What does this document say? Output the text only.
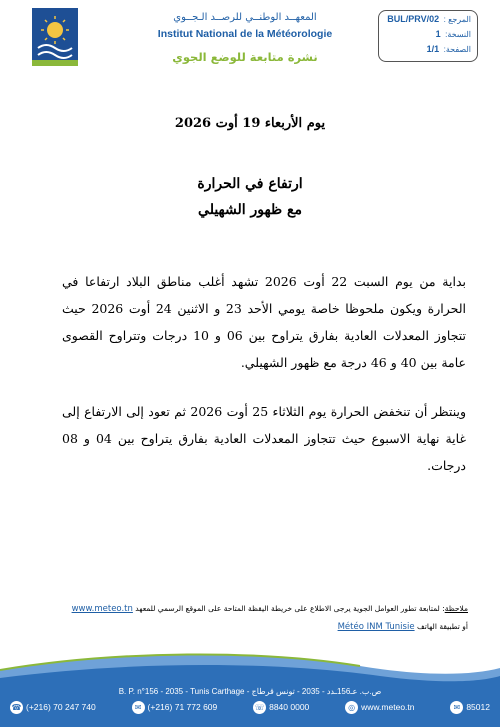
المعهــد الوطنــي للرصــد الـجــوي
Institut National de la Météorologie
نشرة متابعة للوضع الجوي
المرجع : BUL/PRV/02
النسخة: 1
الصفحة: 1/1
يوم الأربعاء 19 أوت 2026
ارتفاع في الحرارة
مع ظهور الشهيلي

بداية من يوم السبت 22 أوت 2026 تشهد أغلب مناطق البلاد ارتفاعا في الحرارة ويكون ملحوظا خاصة يومي الأحد 23 و الاثنين 24 أوت 2026 حيث تتجاوز المعدلات العادية بفارق يتراوح بين 06 و 10 درجات وتتراوح القصوى عامة بين 40 و 46 درجة مع ظهور الشهيلي.

وينتظر أن تنخفض الحرارة يوم الثلاثاء 25 أوت 2026 ثم تعود إلى الارتفاع إلى غاية نهاية الاسبوع حيث تتجاوز المعدلات العادية بفارق يتراوح بين 04 و 08 درجات.

ملاحظة: لمتابعة تطور العوامل الجوية يرجى الاطلاع على خريطة اليقظة المتاحة على الموقع الرسمي للمعهد www.meteo.tn
أو تطبيقة الهاتف Météo INM Tunisie
B. P. n°156 - 2035 - Tunis Carthage - ص.ب. عـ156ـدد - 2035 - تونس قرطاج
☎ (+216) 70 247 740	✉ (+216) 71 772 609	☏ 8840 0000	◎ www.meteo.tn	✉ 85012
